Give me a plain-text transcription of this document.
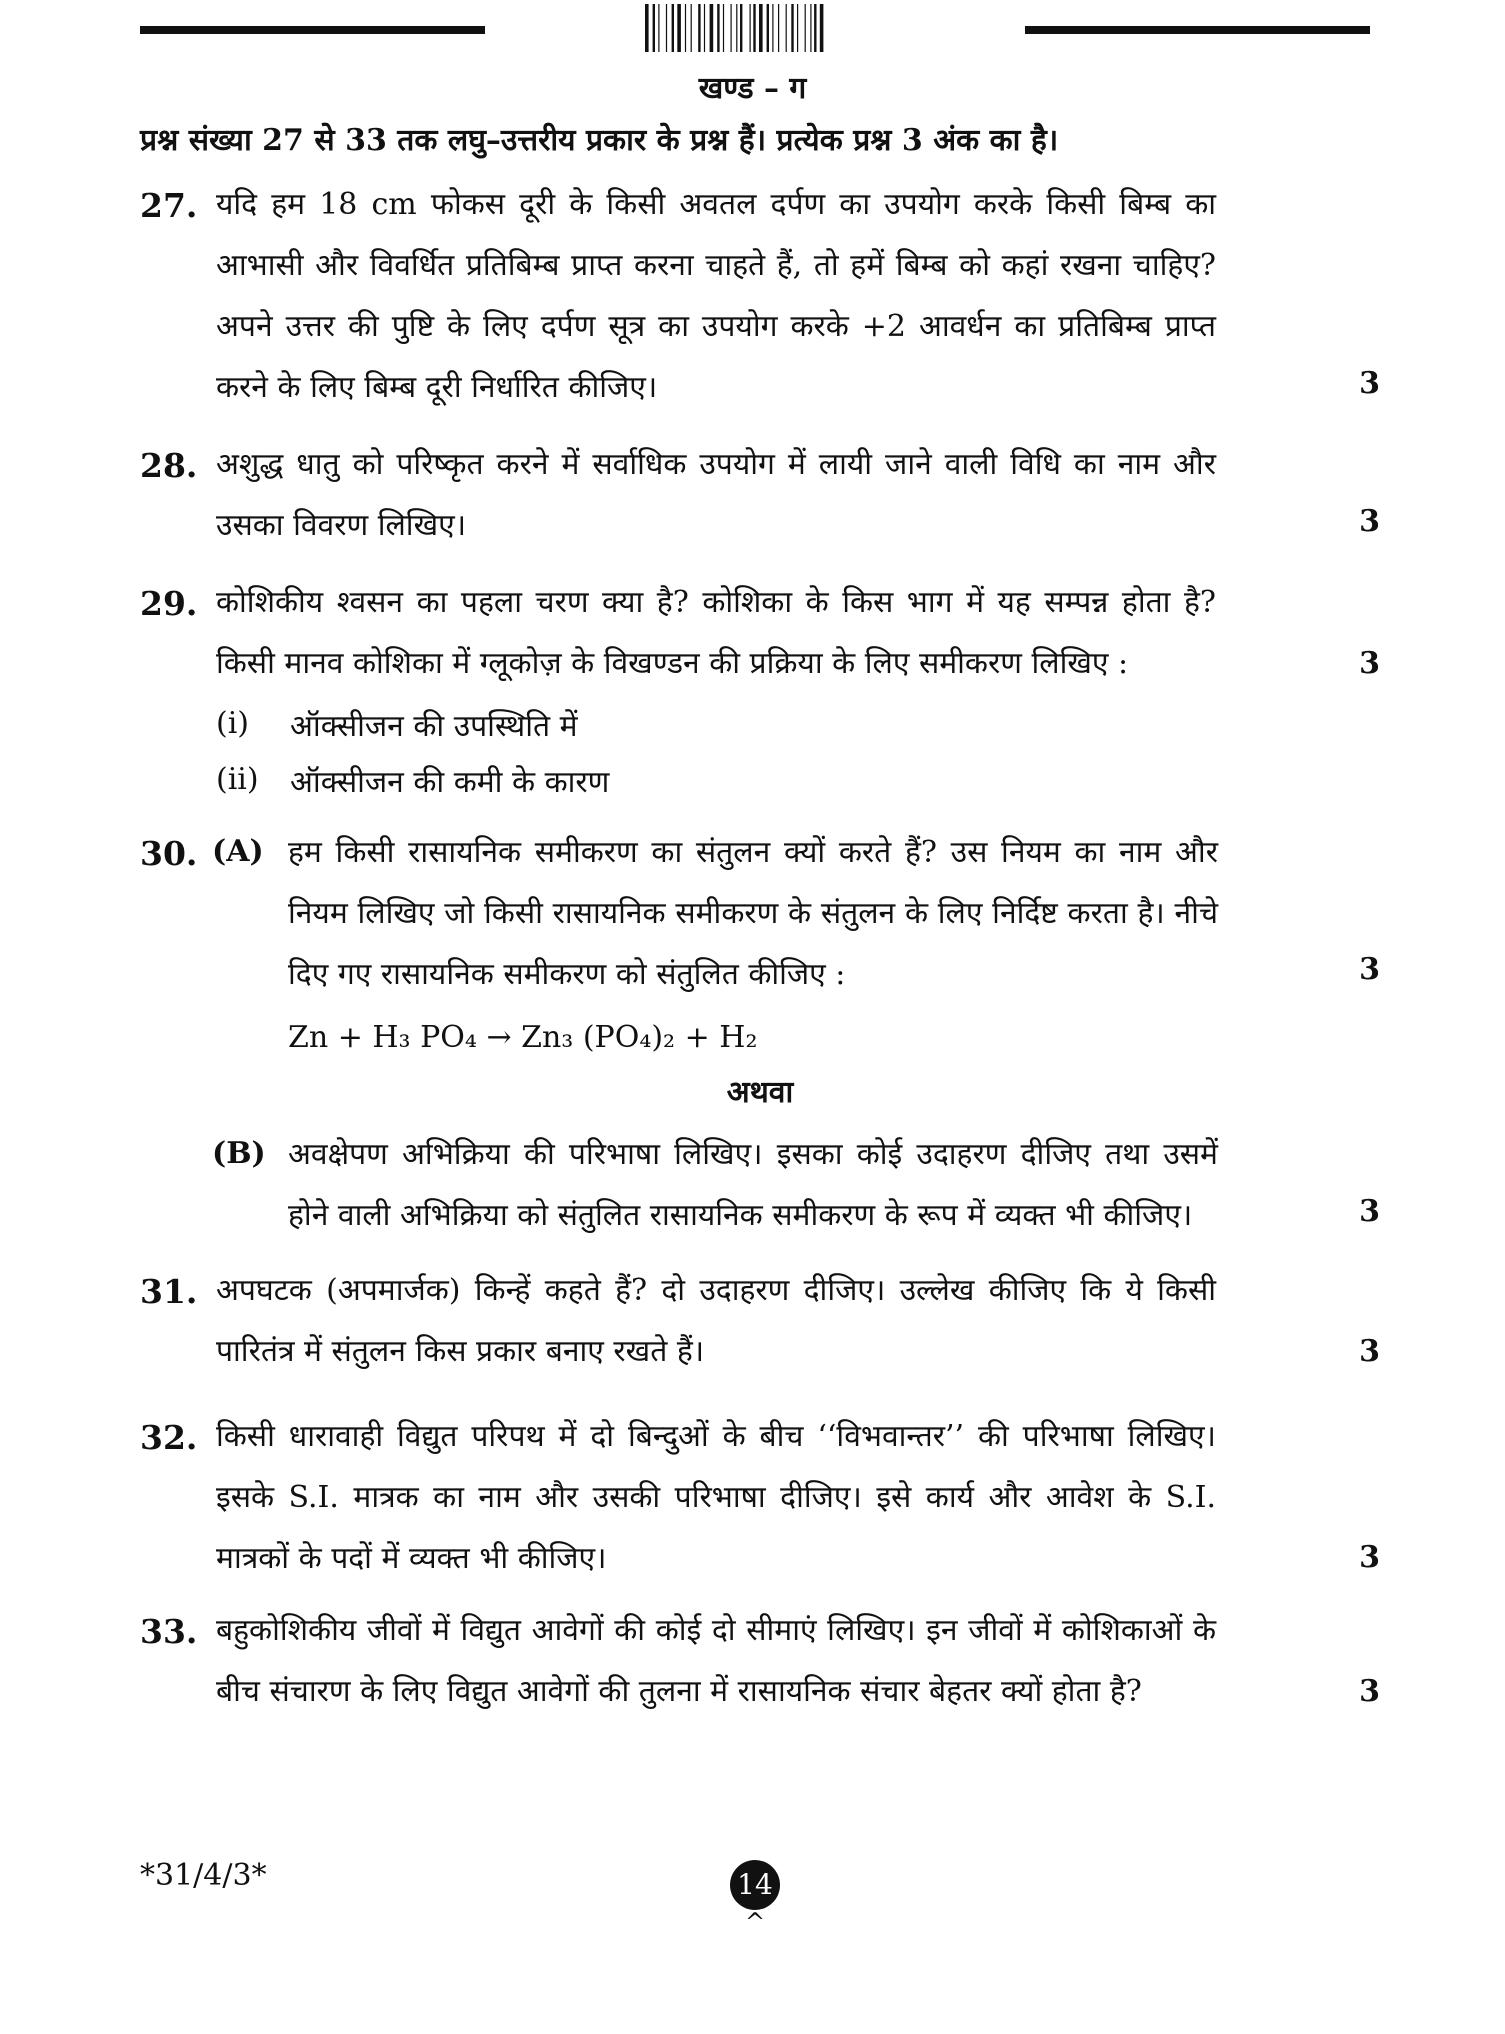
खण्ड – ग
प्रश्न संख्या 27 से 33 तक लघु–उत्तरीय प्रकार के प्रश्न हैं। प्रत्येक प्रश्न 3 अंक का है।
27. यदि हम 18 cm फोकस दूरी के किसी अवतल दर्पण का उपयोग करके किसी बिम्ब का आभासी और विवर्धित प्रतिबिम्ब प्राप्त करना चाहते हैं, तो हमें बिम्ब को कहां रखना चाहिए? अपने उत्तर की पुष्टि के लिए दर्पण सूत्र का उपयोग करके +2 आवर्धन का प्रतिबिम्ब प्राप्त करने के लिए बिम्ब दूरी निर्धारित कीजिए।	3
28. अशुद्ध धातु को परिष्कृत करने में सर्वाधिक उपयोग में लायी जाने वाली विधि का नाम और उसका विवरण लिखिए।	3
29. कोशिकीय श्वसन का पहला चरण क्या है? कोशिका के किस भाग में यह सम्पन्न होता है? किसी मानव कोशिका में ग्लूकोज़ के विखण्डन की प्रक्रिया के लिए समीकरण लिखिए :	3
(i) ऑक्सीजन की उपस्थिति में
(ii) ऑक्सीजन की कमी के कारण
30. (A) हम किसी रासायनिक समीकरण का संतुलन क्यों करते हैं? उस नियम का नाम और नियम लिखिए जो किसी रासायनिक समीकरण के संतुलन के लिए निर्दिष्ट करता है। नीचे दिए गए रासायनिक समीकरण को संतुलित कीजिए :	3
Zn + H₃ PO₄ → Zn₃ (PO₄)₂ + H₂
अथवा
(B) अवक्षेपण अभिक्रिया की परिभाषा लिखिए। इसका कोई उदाहरण दीजिए तथा उसमें होने वाली अभिक्रिया को संतुलित रासायनिक समीकरण के रूप में व्यक्त भी कीजिए।	3
31. अपघटक (अपमार्जक) किन्हें कहते हैं? दो उदाहरण दीजिए। उल्लेख कीजिए कि ये किसी पारितंत्र में संतुलन किस प्रकार बनाए रखते हैं।	3
32. किसी धारावाही विद्युत परिपथ में दो बिन्दुओं के बीच ‘‘विभवान्तर’’ की परिभाषा लिखिए। इसके S.I. मात्रक का नाम और उसकी परिभाषा दीजिए। इसे कार्य और आवेश के S.I. मात्रकों के पदों में व्यक्त भी कीजिए।	3
33. बहुकोशिकीय जीवों में विद्युत आवेगों की कोई दो सीमाएं लिखिए। इन जीवों में कोशिकाओं के बीच संचारण के लिए विद्युत आवेगों की तुलना में रासायनिक संचार बेहतर क्यों होता है?	3
*31/4/3*	14
^
